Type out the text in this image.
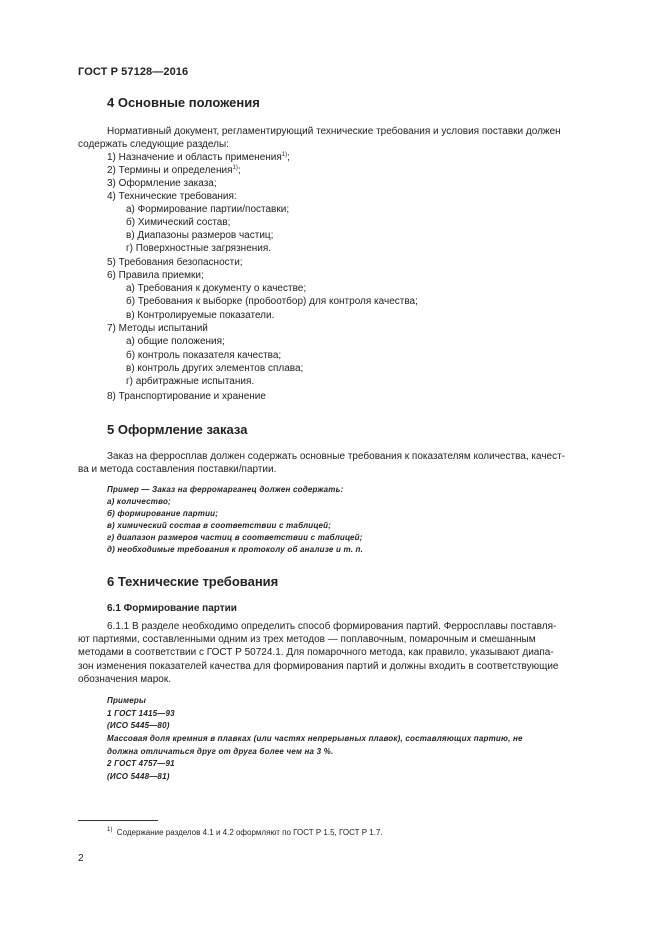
ГОСТ Р 57128—2016
4 Основные положения
Нормативный документ, регламентирующий технические требования и условия поставки должен
содержать следующие разделы:
1) Назначение и область применения$^{1)}$;
2) Термины и определения$^{1)}$;
3) Оформление заказа;
4) Технические требования:
а) Формирование партии/поставки;
б) Химический состав;
в) Диапазоны размеров частиц;
г) Поверхностные загрязнения.
5) Требования безопасности;
6) Правила приемки;
а) Требования к документу о качестве;
б) Требования к выборке (пробоотбор) для контроля качества;
в) Контролируемые показатели.
7) Методы испытаний
а) общие положения;
б) контроль показателя качества;
в) контроль других элементов сплава;
г) арбитражные испытания.
8) Транспортирование и хранение
5 Оформление заказа
Заказ на ферросплав должен содержать основные требования к показателям количества, качест-
ва и метода составления поставки/партии.
Пример — Заказ на ферромарганец должен содержать:
а) количество;
б) формирование партии;
в) химический состав в соответствии с таблицей;
г) диапазон размеров частиц в соответствии с таблицей;
д) необходимые требования к протоколу об анализе и т. п.
6 Технические требования
6.1 Формирование партии
6.1.1 В разделе необходимо определить способ формирования партий. Ферросплавы поставля-
ют партиями, составленными одним из трех методов — поплавочным, помарочным и смешанным
методами в соответствии с ГОСТ Р 50724.1. Для помарочного метода, как правило, указывают диапа-
зон изменения показателей качества для формирования партий и должны входить в соответствующие
обозначения марок.
Примеры
1 ГОСТ 1415—93
(ИСО 5445—80)
Массовая доля кремния в плавках (или частях непрерывных плавок), составляющих партию, не
должна отличаться друг от друга более чем на 3 %.
2 ГОСТ 4757—91
(ИСО 5448—81)
$^{1)}$ Содержание разделов 4.1 и 4.2 оформляют по ГОСТ Р 1.5, ГОСТ Р 1.7.
2
